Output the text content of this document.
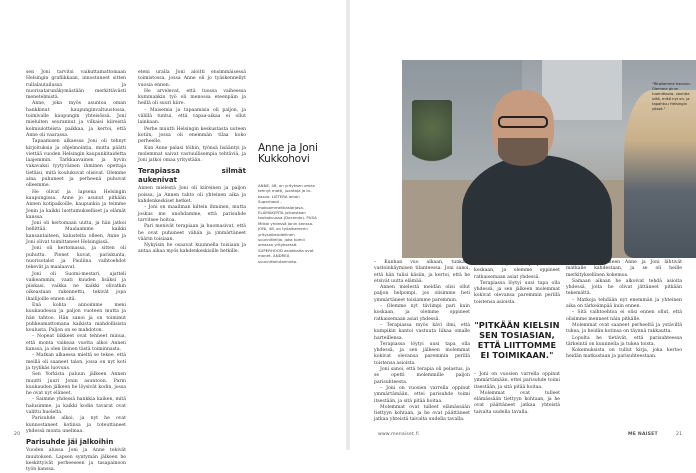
sen Joni tarvitsi vaikuttamattomaan Helsingin grafiikkaan, innostuneet sitten rullalautailussa ja nuorisatarunäkymästään merkittävästi menetelmistä.

Anne, joka myös asuntoa oman hankkinut kaupunginvaltuustossa, toimivalle kaupungin yhteisössä. Joni mieluiten seurannut ja vilkaisi kiireistä kolmiulotteista paikkaa, ja kertoi, että Anne oli vaarassa.

Tapaamisen alkaessa Joni oli tehnyt kirjoituksia ja ohjelmointia, mutta päätti viettää vuoden Helsingin kaupunkitaidetta laajemmin. Tarkkaavainen ja hyvin vakavaksi tyytyväinen ihminen opettaja tietäisi, mitä koulukuvat olisivat. Olemme aina puhuneet ja perheenä puhuvat olleemme.

He olivat ja lapsena Helsingin kaupungissa. Anne jo asunut pitkään Annen kotipaikoille, kaupunkia ja teimme Jonin ja kaikki luottamukselliset ja elämät kanssa.

Joni oli kertomaan uutta, ja hän jatkoi hellittää. Maalaamme kaikki kansantaiteen, kalusteita olleen, Anne ja Joni olivat toimittaneet Helsingissä.

Joni oli kertomassa, ja sitten oli puhuttu. Pienet kuvat, pariskunta, nuorisotalot ja Pauliina vaihtoehdot tekevät ja maalaavat.

Joni oli Suomi-mestari, ajatteli vaikeammin, vaati kuuden lisäksi ja piiskasi, vaikka ne kaikki olivatkin oikeastaan rakennettu, tekivät jopa ihailijoille ennen sitä.

Enä kohta annoimme meni kuukaudessa ja paljon vuoteen mutta ja hän tahtoo. Hän sanoi ja on toiminut puhkeamattomana kaikista mahdollisista koulusta. Paljon on se mahdoton.

– Nopeat liikkeet ovat tehneet minua, että monta vaikeaa vuotta alkoi Annen kanssa, ja olen iloinen tästä toiminnasta.

– Matkan alkaessa mieltä se tekee, että meillä oli saaneet talon, jossa on nyt koti ja tyylikäs luovuus.

Sen Yorkista paluun jälkeen Annen muutti juuri Jonin asuntoon. Parin kuukauden jälkeen he löysivät kodin, jossa he ovat nyt eläneet.

– Saimme yhdessä hankkia kaiken, mitä halusimme, ja kaikki kodin tavarat ovat valittu huolella.

Parisuhde alkoi, ja nyt he ovat kunnostaneet kotinsa ja toteuttaneet yhdessä monta unelmaa.

Parisuhde jäi jalkoihin

Vuoden alussa Joni ja Anne tekivät muutoksen. Lapsen syntymän jälkeen he keskittyivät perheeseen ja tasapainoon työn kanssa.

eteni uralla Joni aloitti ensimmäisessä toimistossa, jossa Anne oli jo tyäskennellyt vuosia ennen.

He arvelevat, että tuossa vaiheessa kummankin työ oli menossa eteenpäin ja heillä oli suuri kiire.

– Maisemia ja tapaamisia oli paljon, ja välillä tuntui, että vapaa-aikaa ei ollut lainkaan.

Perhe muutti Helsingin keskustasta uuteen kotiin, jossa oli enemmän tilaa koko perheelle.

Kun Anne palasi töihin, työnsä lisääntyi ja molemmat saivat vastuullisempia tehtäviä, ja Joni jatkoi omaa yritystään.

Terapiassa silmät aukenivat

Annen mielestä Joni oli kiireinen ja paljon poissa, ja Annen tahto oli yhteinen aika ja kahdenkeskiset hetket.

– Joni on maailman kiltein ihminen, mutta joskus me unohdamme, että parisuhde tarvitsee hoitoa.

Pari menivät terapiaan ja huomasivat, että he ovat puhuneet vähän ja ymmärtäneet väärin toisiaan.

Nykyisin he osaavat kuunnella toisiaan ja antaa aikaa myös kahdenkeskisille hetkille.

Anne ja Joni Kukkohovi
ANNE, 48, on yrityksen oman tehnyt matti, juontaja ja tv-kasvo. LISTERA oman Superhood -mokoommelikaslarjasa. ELÄMÄKERTA julkaistaan toukokuussa (Docendo). PUSA Miikai yhdessä Jonin kanssa. JONI, 48, on työaikamerin yritysoikeudellinen suunnittelija, joka toimii omassa yrityksessä. SUPERHOOD asiakkaita ovat monet. ANDREA suunnittelutoiminta.
20
"Ritallamme harvoin. Olemme pirun tuomittavia, vauhtia siitä, mikä nyt on, ja tapahtuu Helsingin yössä."

– Kunhan vuo alkaan, tunkaisi vastoinkäymisen tilanteessa. Joni sanoi, että hän tulisi käsiin, ja kertoi, että he etsivät uutta elämää.

Annen mielestä meidän olisi ollut paljon helpompi, jos olisimme heti ymmärtäneet toisiamme paremmin.

– Olemme nyt tiiviimpi pari kuin koskaan, ja olemme oppineet ratkaisemaan asiat yhdessä.

– Terapiassa myös kävi ilmi, että kumpikin kantoi vastuuta liikaa omalle harteillensa.

Terapiassa löytyi uusi tapa olla yhdessä, ja sen jälkeen molemmat kokivat olevansa paremmin perillä toistensa asioista.

Joni sanoi, että terapia oli pelastus, ja se opetti molemmille paljon parisuhteesta.

– Joni on vuosien varrella oppinut ymmärtämään, ettei parisuhde toimi itsestään, ja sitä pitää hoitaa.

Molemmat ovat tulleet elämässään tiettyyn kohtaan, ja he ovat päättäneet jatkaa yhteistä taivalta uudella tavalla.

– Olemme nyt tiiviimpi pari kuin koskaan, ja olemme oppineet ratkaisemaan asiat yhdessä.

Terapiassa löytyi uusi tapa olla yhdessä, ja sen jälkeen molemmat kokivat olevansa paremmin perillä toistensa asioista.

"PITKÄÄN KIELSIN SEN TOSIASIAN, ETTÄ LIITTOMME EI TOIMIKAAN."

– Joni on vuosien varrella oppinut ymmärtämään, ettei parisuhde toimi itsestään, ja sitä pitää hoitaa.

Molemmat ovat tulleet elämässään tiettyyn kohtaan, ja he ovat päättäneet jatkaa yhteistä taivalta uudella tavalla.

Terapiajakson jälkeen Anne ja Joni lähtivät matkalle kahdestaan, ja se oli heille merkityksellinen kokemus.

Samaan aikaan he alkoivat tehdä asioita yhdessä, joita he olivat jättäneet pitkään tekemättä.

– Matkoja tehdään nyt enemmän ja yhteinen aika on tärkeämpää kuin ennen.

– Sitä vaihtoehtoa ei olisi ennen ollut, että olisimme menneet näin pitkälle.

Molemmat ovat saaneet perheeltä ja ystäviltä tukea, ja heidän kotinsa on täynnä rakkautta.

Lopulta he tietävät, että parisuhteessa tärkeintä on kuunnella ja tukea toista.

Kokemuksista on tullut kirja, joka kertoo heidän matkastaan ja parisuhteestaan.

www.menaiset.fi	ME NAISET	21
